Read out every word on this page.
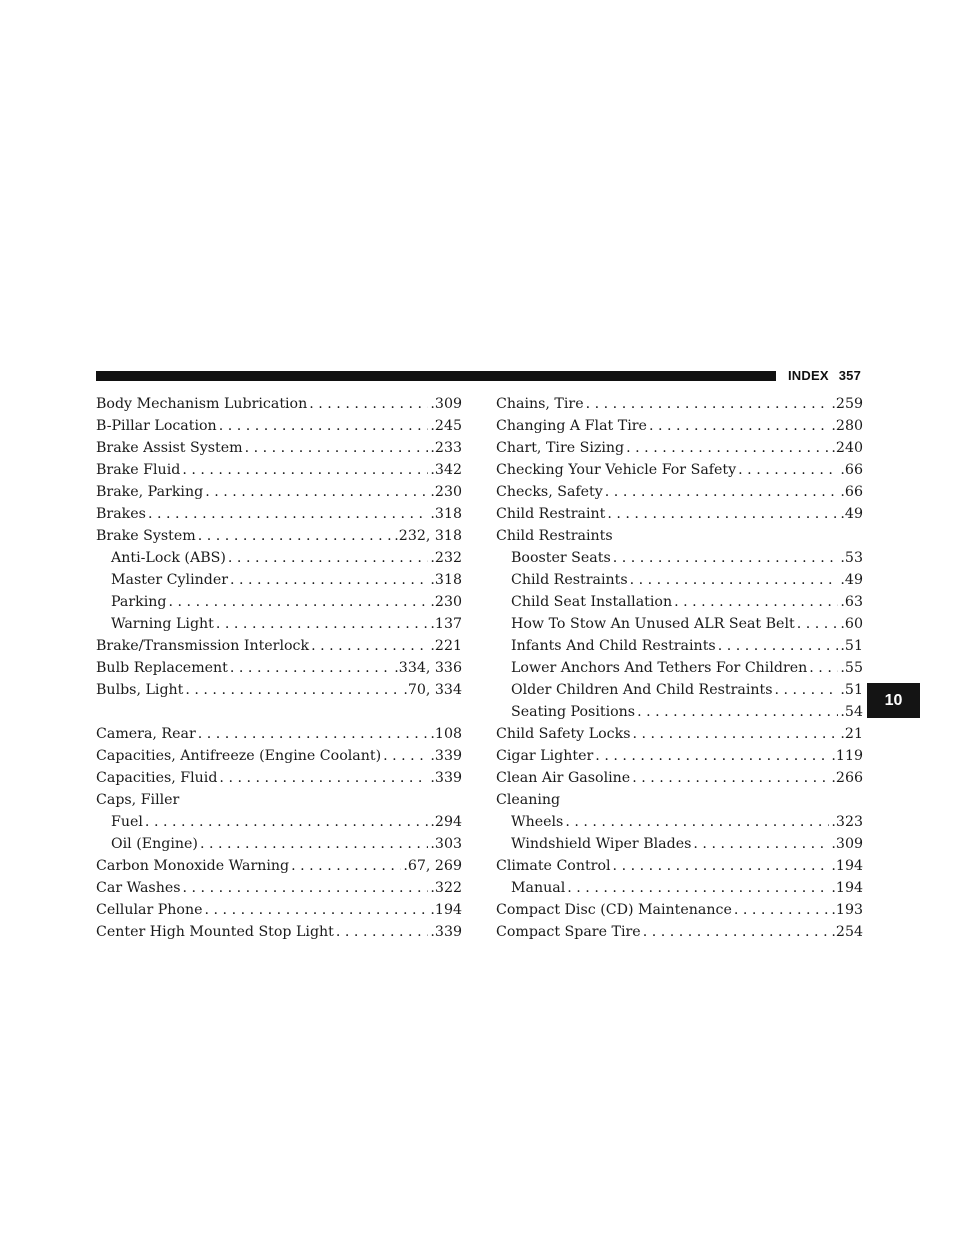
INDEX 357
Body Mechanism Lubrication . . .	.309
B-Pillar Location . . .	.245
Brake Assist System . . .	.233
Brake Fluid . . .	.342
Brake, Parking . . .	.230
Brakes . . .	.318
Brake System . . .	.232, 318
Anti-Lock (ABS) . . .	.232
Master Cylinder . . .	.318
Parking . . .	.230
Warning Light . . .	.137
Brake/Transmission Interlock . . .	.221
Bulb Replacement . . .	.334, 336
Bulbs, Light . . .	.70, 334
Camera, Rear . . .	.108
Capacities, Antifreeze (Engine Coolant) . . .	.339
Capacities, Fluid . . .	.339
Caps, Filler
Fuel . . .	.294
Oil (Engine) . . .	.303
Carbon Monoxide Warning . . .	.67, 269
Car Washes . . .	.322
Cellular Phone . . .	.194
Center High Mounted Stop Light . . .	.339
Chains, Tire . . .	.259
Changing A Flat Tire . . .	.280
Chart, Tire Sizing . . .	.240
Checking Your Vehicle For Safety . . .	.66
Checks, Safety . . .	.66
Child Restraint . . .	.49
Child Restraints
Booster Seats . . .	.53
Child Restraints . . .	.49
Child Seat Installation . . .	.63
How To Stow An Unused ALR Seat Belt . . .	.60
Infants And Child Restraints . . .	.51
Lower Anchors And Tethers For Children . . . .55
Older Children And Child Restraints . . .	.51
Seating Positions . . .	.54
Child Safety Locks . . .	.21
Cigar Lighter . . .	.119
Clean Air Gasoline . . .	.266
Cleaning
Wheels . . .	.323
Windshield Wiper Blades . . .	.309
Climate Control . . .	.194
Manual . . .	.194
Compact Disc (CD) Maintenance . . .	.193
Compact Spare Tire . . .	.254
10
